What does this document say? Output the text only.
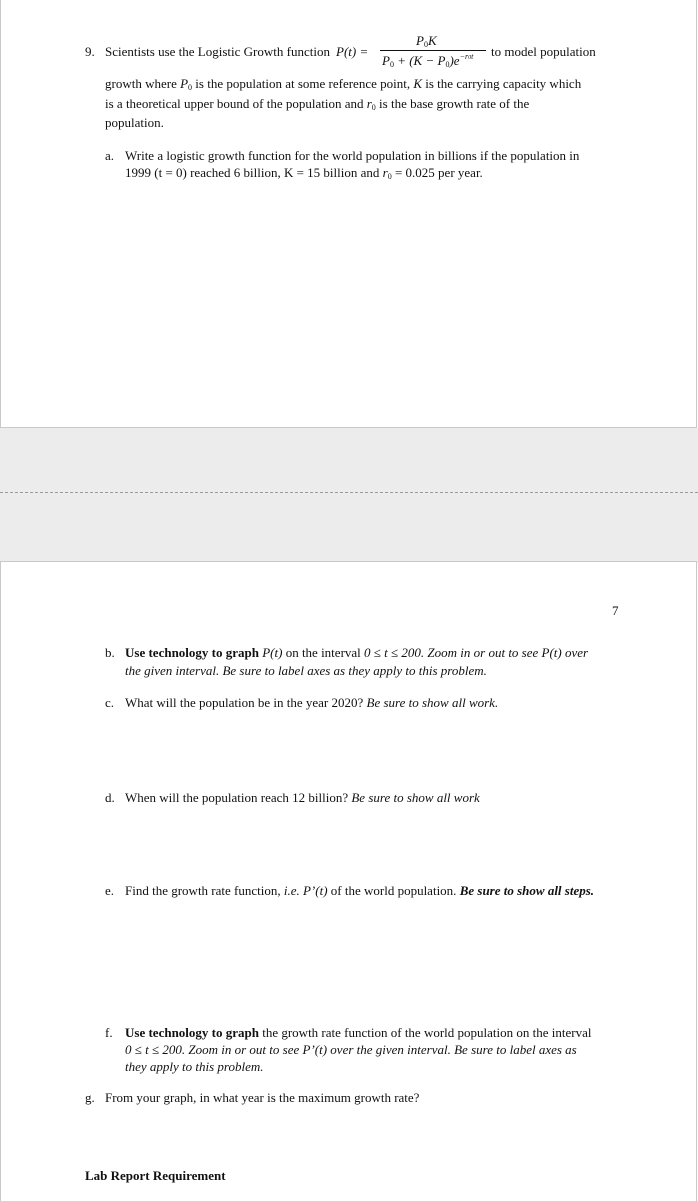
9. Scientists use the Logistic Growth function P(t) =
$P_0K$
$P_0 + (K - P_0)e^{-r0t}$ to model population
growth where $P_0$ is the population at some reference point, K is the carrying capacity which
is a theoretical upper bound of the population and $r_0$ is the base growth rate of the
population.
a. Write a logistic growth function for the world population in billions if the population in
1999 (t = 0) reached 6 billion, K = 15 billion and $r_0 = 0.025$ per year.
7
b. Use technology to graph P(t) on the interval 0 ≤ t ≤ 200. Zoom in or out to see P(t) over
the given interval. Be sure to label axes as they apply to this problem.
c. What will the population be in the year 2020? Be sure to show all work.
d. When will the population reach 12 billion? Be sure to show all work
e. Find the growth rate function, i.e. P’(t) of the world population. Be sure to show all steps.
f. Use technology to graph the growth rate function of the world population on the interval
0 ≤ t ≤ 200. Zoom in or out to see P’(t) over the given interval. Be sure to label axes as
they apply to this problem.
g. From your graph, in what year is the maximum growth rate?
Lab Report Requirement
